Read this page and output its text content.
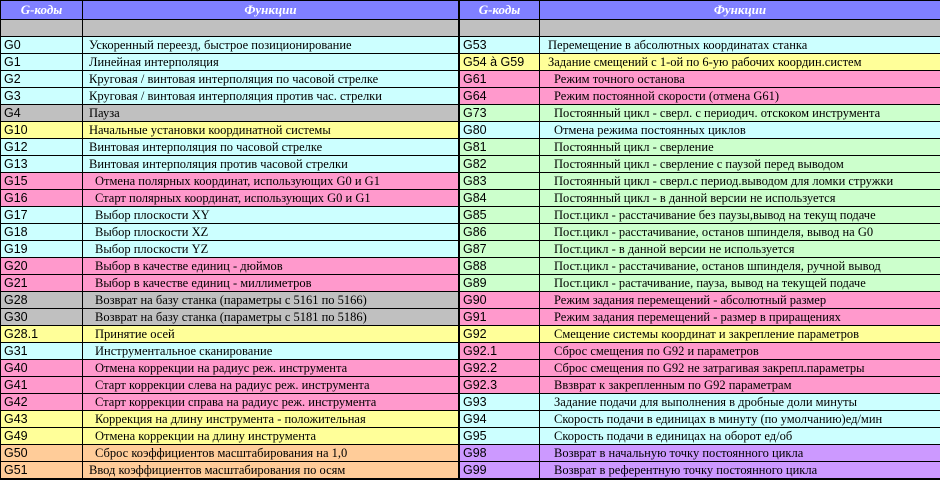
G-коды	Функции	G-коды	Функции
G0	Ускоренный переезд, быстрое позиционирование
G1	Линейная интерполяция
G2	Круговая / винтовая интерполяция по часовой стрелке
G3	Круговая / винтовая интерполяция против час. стрелки
G4	Пауза
G10	Начальные установки координатной системы
G12	Винтовая интерполяция по часовой стрелке
G13	Винтовая интерполяция против часовой стрелки
G15	Отмена полярных координат, использующих G0 и G1
G16	Старт полярных координат, использующих G0 и G1
G17	Выбор плоскости XY
G18	Выбор плоскости XZ
G19	Выбор плоскости YZ
G20	Выбор в качестве единиц - дюймов
G21	Выбор в качестве единиц - миллиметров
G28	Возврат на базу станка (параметры с 5161 по 5166)
G30	Возврат на базу станка (параметры с 5181 по 5186)
G28.1	Принятие осей
G31	Инструментальное сканирование
G40	Отмена коррекции на радиус реж. инструмента
G41	Старт коррекции слева на радиус реж. инструмента
G42	Старт коррекции справа на радиус реж. инструмента
G43	Коррекция на длину инструмента - положительная
G49	Отмена коррекции на длину инструмента
G50	Сброс коэффициентов масштабирования на 1,0
G51	Ввод коэффициентов масштабирования по осям
G53	Перемещение в абсолютных координатах станка
G54 à G59	Задание смещений с 1-ой по 6-ую рабочих координ.систем
G61	Режим точного останова
G64	Режим постоянной скорости (отмена G61)
G73	Постоянный цикл - сверл. с периодич. отскоком инструмента
G80	Отмена режима постоянных циклов
G81	Постоянный цикл - сверление
G82	Постоянный цикл - сверление с паузой перед выводом
G83	Постоянный цикл - сверл.с период.выводом для ломки стружки
G84	Постоянный цикл - в данной версии не используется
G85	Пост.цикл - расстачивание без паузы,вывод на текущ подаче
G86	Пост.цикл - расстачивание, останов шпинделя, вывод на G0
G87	Пост.цикл - в данной версии не используется
G88	Пост.цикл - расстачивание, останов шпинделя, ручной вывод
G89	Пост.цикл - растачивание, пауза, вывод на текущей подаче
G90	Режим задания перемещений - абсолютный размер
G91	Режим задания перемещений - размер в приращениях
G92	Смещение системы координат и закрепление параметров
G92.1	Сброс смещения по G92 и параметров
G92.2	Сброс смещения по G92 не затрагивая закрепл.параметры
G92.3	Ввзврат к закрепленным по G92 параметрам
G93	Задание подачи для выполнения в дробные доли минуты
G94	Скорость подачи в единицах в минуту (по умолчанию)ед/мин
G95	Скорость подачи в единицах на оборот ед/об
G98	Возврат в начальную точку постоянного цикла
G99	Возврат в референтную точку постоянного цикла
